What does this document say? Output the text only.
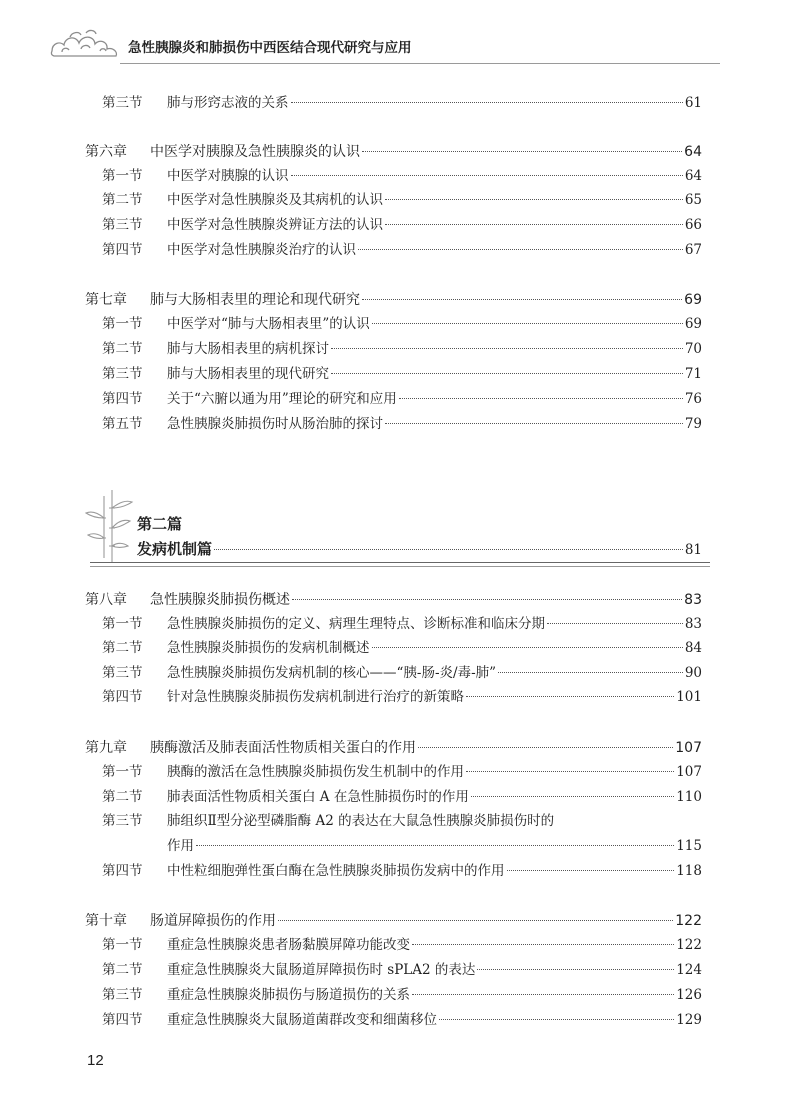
急性胰腺炎和肺损伤中西医结合现代研究与应用
第三节	肺与形窍志液的关系	61
第六章	中医学对胰腺及急性胰腺炎的认识	64
第一节	中医学对胰腺的认识	64
第二节	中医学对急性胰腺炎及其病机的认识	65
第三节	中医学对急性胰腺炎辨证方法的认识	66
第四节	中医学对急性胰腺炎治疗的认识	67
第七章	肺与大肠相表里的理论和现代研究	69
第一节	中医学对“肺与大肠相表里”的认识	69
第二节	肺与大肠相表里的病机探讨	70
第三节	肺与大肠相表里的现代研究	71
第四节	关于“六腑以通为用”理论的研究和应用	76
第五节	急性胰腺炎肺损伤时从肠治肺的探讨	79
第八章	急性胰腺炎肺损伤概述	83
第一节	急性胰腺炎肺损伤的定义、病理生理特点、诊断标准和临床分期	83
第二节	急性胰腺炎肺损伤的发病机制概述	84
第三节	急性胰腺炎肺损伤发病机制的核心——“胰-肠-炎/毒-肺”	90
第四节	针对急性胰腺炎肺损伤发病机制进行治疗的新策略	101
第九章	胰酶激活及肺表面活性物质相关蛋白的作用	107
第一节	胰酶的激活在急性胰腺炎肺损伤发生机制中的作用	107
第二节	肺表面活性物质相关蛋白 A 在急性肺损伤时的作用	110
第三节	肺组织Ⅱ型分泌型磷脂酶 A2 的表达在大鼠急性胰腺炎肺损伤时的
作用	115
第四节	中性粒细胞弹性蛋白酶在急性胰腺炎肺损伤发病中的作用	118
第十章	肠道屏障损伤的作用	122
第一节	重症急性胰腺炎患者肠黏膜屏障功能改变	122
第二节	重症急性胰腺炎大鼠肠道屏障损伤时 sPLA2 的表达	124
第三节	重症急性胰腺炎肺损伤与肠道损伤的关系	126
第四节	重症急性胰腺炎大鼠肠道菌群改变和细菌移位	129
第二篇
发病机制篇	81
12
